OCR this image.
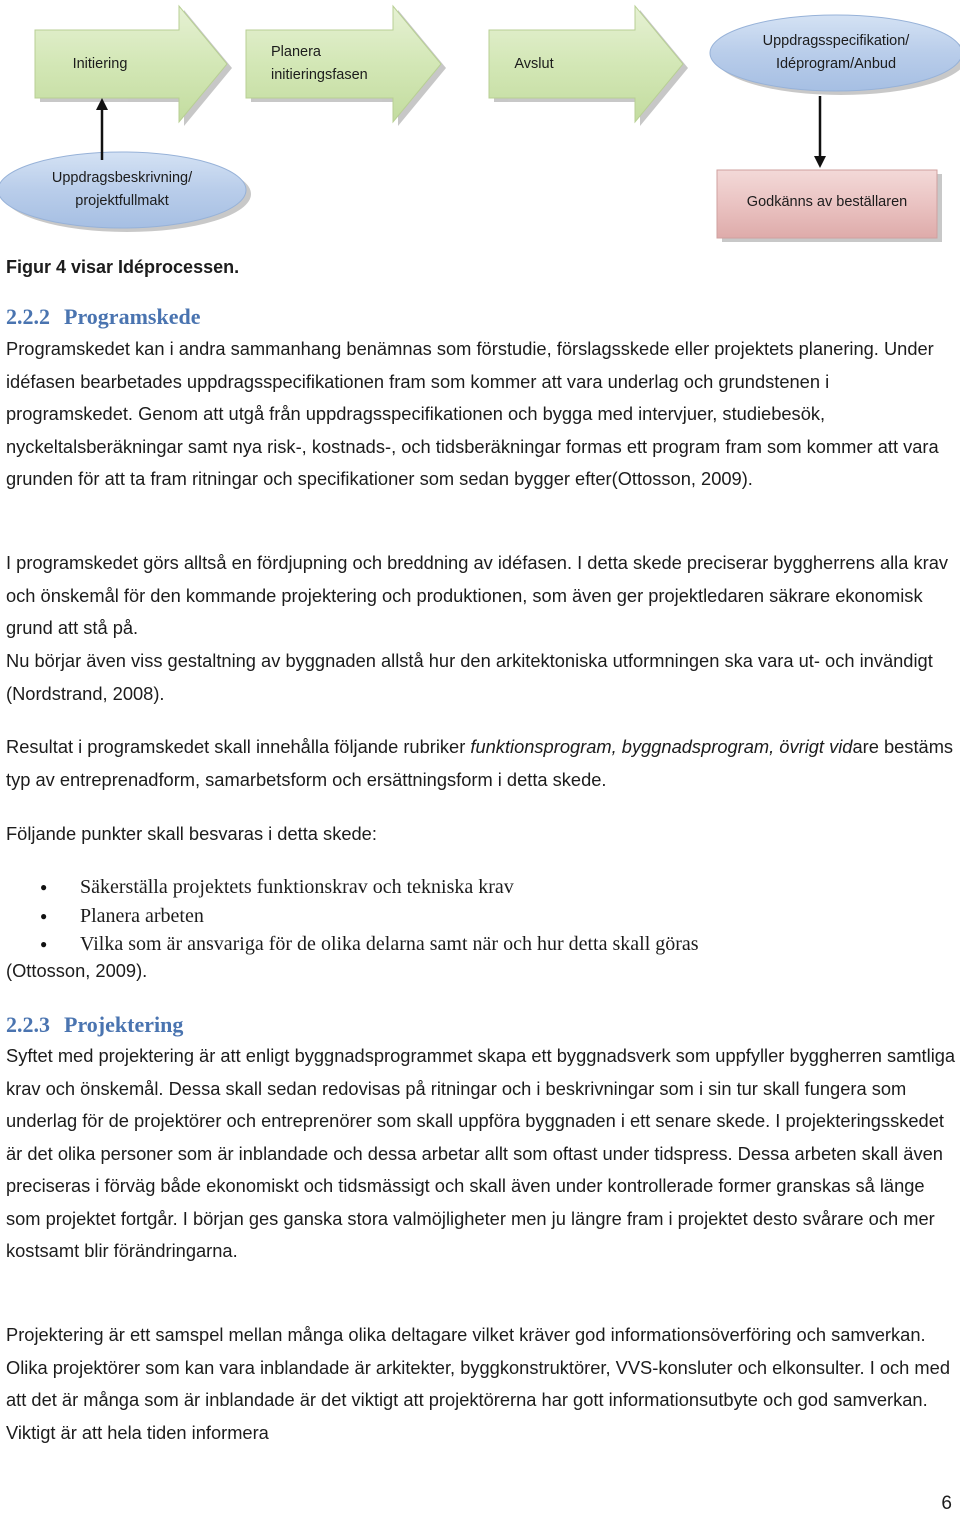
Initiering
Planera
initieringsfasen
Avslut
Uppdragsspecifikation/
Idéprogram/Anbud
Uppdragsbeskrivning/
projektfullmakt	Godkänns av beställaren
Figur 4 visar Idéprocessen.
2.2.2 Programskede

Programskedet kan i andra sammanhang benämnas som förstudie, förslagsskede eller projektets planering. Under idéfasen bearbetades uppdragsspecifikationen fram som kommer att vara underlag och grundstenen i programskedet. Genom att utgå från uppdragsspecifikationen och bygga med intervjuer, studiebesök, nyckeltalsberäkningar samt nya risk-, kostnads-, och tidsberäkningar formas ett program fram som kommer att vara grunden för att ta fram ritningar och specifikationer som sedan bygger efter(Ottosson, 2009).

I programskedet görs alltså en fördjupning och breddning av idéfasen. I detta skede preciserar byggherrens alla krav och önskemål för den kommande projektering och produktionen, som även ger projektledaren säkrare ekonomisk grund att stå på.

Nu börjar även viss gestaltning av byggnaden allstå hur den arkitektoniska utformningen ska vara ut- och invändigt (Nordstrand, 2008).

Resultat i programskedet skall innehålla följande rubriker funktionsprogram, byggnadsprogram, övrigt vidare bestäms typ av entreprenadform, samarbetsform och ersättningsform i detta skede.

Följande punkter skall besvaras i detta skede:

● Säkerställa projektets funktionskrav och tekniska krav
● Planera arbeten
● Vilka som är ansvariga för de olika delarna samt när och hur detta skall göras

(Ottosson, 2009).

2.2.3 Projektering

Syftet med projektering är att enligt byggnadsprogrammet skapa ett byggnadsverk som uppfyller byggherren samtliga krav och önskemål. Dessa skall sedan redovisas på ritningar och i beskrivningar som i sin tur skall fungera som underlag för de projektörer och entreprenörer som skall uppföra byggnaden i ett senare skede. I projekteringsskedet är det olika personer som är inblandade och dessa arbetar allt som oftast under tidspress. Dessa arbeten skall även preciseras i förväg både ekonomiskt och tidsmässigt och skall även under kontrollerade former granskas så länge som projektet fortgår. I början ges ganska stora valmöjligheter men ju längre fram i projektet desto svårare och mer kostsamt blir förändringarna.

Projektering är ett samspel mellan många olika deltagare vilket kräver god informationsöverföring och samverkan. Olika projektörer som kan vara inblandade är arkitekter, byggkonstruktörer, VVS-konsluter och elkonsulter. I och med att det är många som är inblandade är det viktigt att projektörerna har gott informationsutbyte och god samverkan. Viktigt är att hela tiden informera

6
